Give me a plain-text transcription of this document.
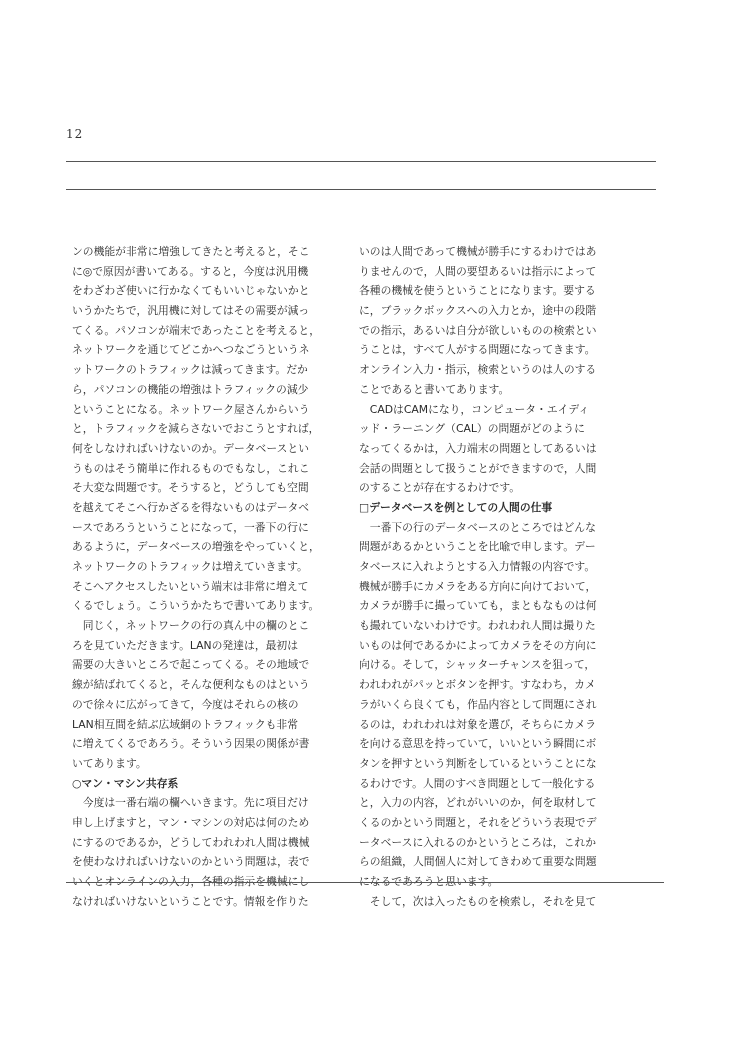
12
ンの機能が非常に増強してきたと考えると，そこ
に◎で原因が書いてある。すると，今度は汎用機
をわざわざ使いに行かなくてもいいじゃないかと
いうかたちで，汎用機に対してはその需要が減っ
てくる。パソコンが端末であったことを考えると，
ネットワークを通じてどこかへつなごうというネ
ットワークのトラフィックは減ってきます。だか
ら，パソコンの機能の増強はトラフィックの減少
ということになる。ネットワーク屋さんからいう
と，トラフィックを減らさないでおこうとすれば，
何をしなければいけないのか。データベースとい
うものはそう簡単に作れるものでもなし，これこ
そ大変な問題です。そうすると，どうしても空間
を越えてそこへ行かざるを得ないものはデータベ
ースであろうということになって，一番下の行に
あるように，データベースの増強をやっていくと，
ネットワークのトラフィックは増えていきます。
そこへアクセスしたいという端末は非常に増えて
くるでしょう。こういうかたちで書いてあります。
　同じく，ネットワークの行の真ん中の欄のとこ
ろを見ていただきます。LANの発達は，最初は
需要の大きいところで起こってくる。その地域で
線が結ばれてくると，そんな便利なものはという
ので徐々に広がってきて，今度はそれらの核の
LAN相互間を結ぶ広域網のトラフィックも非常
に増えてくるであろう。そういう因果の関係が書
いてあります。
○マン・マシン共存系
　今度は一番右端の欄へいきます。先に項目だけ
申し上げますと，マン・マシンの対応は何のため
にするのであるか，どうしてわれわれ人間は機械
を使わなければいけないのかという問題は，表で
いくとオンラインの入力，各種の指示を機械にし
なければいけないということです。情報を作りた
いのは人間であって機械が勝手にするわけではあ
りませんので，人間の要望あるいは指示によって
各種の機械を使うということになります。要する
に，ブラックボックスへの入力とか，途中の段階
での指示，あるいは自分が欲しいものの検索とい
うことは，すべて人がする問題になってきます。
オンライン入力・指示，検索というのは人のする
ことであると書いてあります。
　CADはCAMになり，コンピュータ・エイディ
ッド・ラーニング（CAL）の問題がどのように
なってくるかは，入力端末の問題としてあるいは
会話の問題として扱うことができますので，人間
のすることが存在するわけです。
□データベースを例としての人間の仕事
　一番下の行のデータベースのところではどんな
問題があるかということを比喩で申します。デー
タベースに入れようとする入力情報の内容です。
機械が勝手にカメラをある方向に向けておいて，
カメラが勝手に撮っていても，まともなものは何
も撮れていないわけです。われわれ人間は撮りた
いものは何であるかによってカメラをその方向に
向ける。そして，シャッターチャンスを狙って，
われわれがパッとボタンを押す。すなわち，カメ
ラがいくら良くても，作品内容として問題にされ
るのは，われわれは対象を選び，そちらにカメラ
を向ける意思を持っていて，いいという瞬間にボ
タンを押すという判断をしているということにな
るわけです。人間のすべき問題として一般化する
と，入力の内容，どれがいいのか，何を取材して
くるのかという問題と，それをどういう表現でデ
ータベースに入れるのかというところは，これか
らの組織，人間個人に対してきわめて重要な問題
になるであろうと思います。
　そして，次は入ったものを検索し，それを見て
